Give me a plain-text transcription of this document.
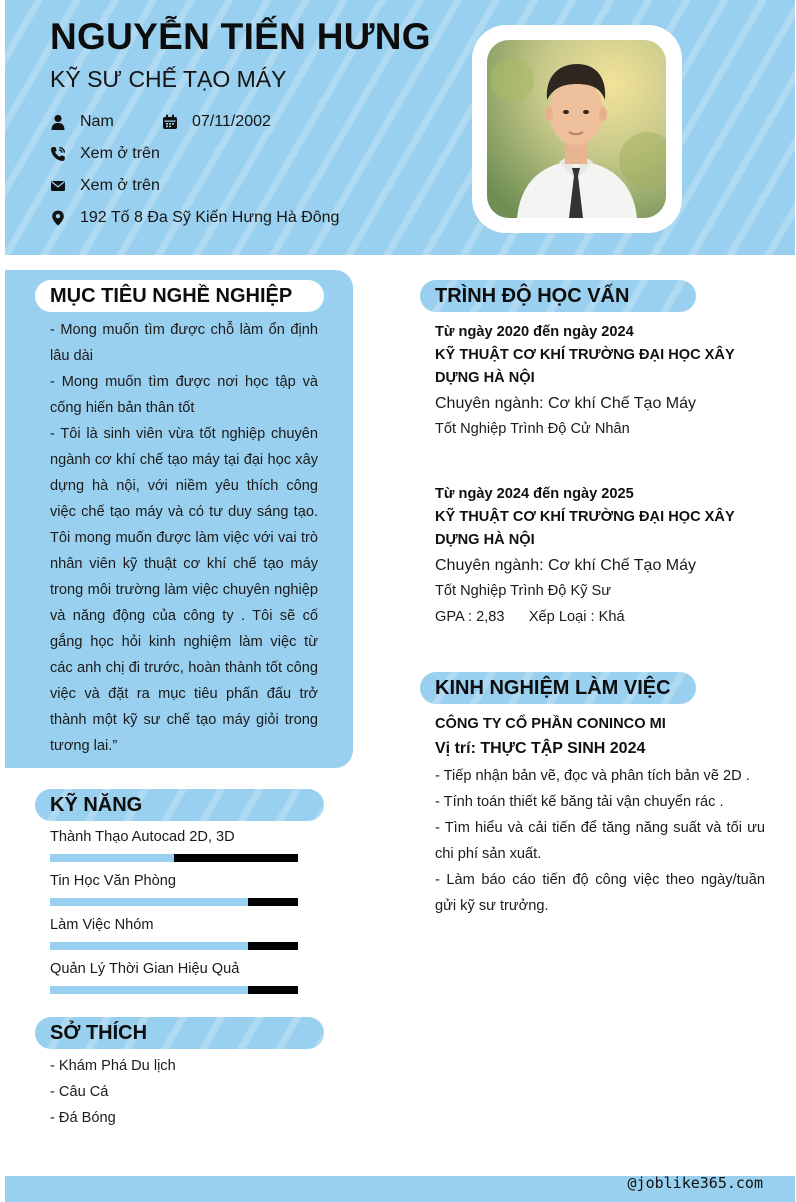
NGUYỄN TIẾN HƯNG
KỸ SƯ CHẾ TẠO MÁY
Nam	07/11/2002
Xem ở trên
Xem ở trên
192 Tố 8 Đa Sỹ Kiến Hưng Hà Đông
MỤC TIÊU NGHỀ NGHIỆP

- Mong muốn tìm được chỗ làm ổn định lâu dài

- Mong muốn tìm được nơi học tập và cống hiến bản thân tốt

- Tôi là sinh viên vừa tốt nghiệp chuyên ngành cơ khí chế tạo máy tại đại học xây dựng hà nội, với niềm yêu thích công việc chế tạo máy và có tư duy sáng tạo. Tôi mong muốn được làm việc với vai trò nhân viên kỹ thuật cơ khí chế tạo máy trong môi trường làm việc chuyên nghiệp và năng động của công ty . Tôi sẽ cố gắng học hỏi kinh nghiệm làm việc từ các anh chị đi trước, hoàn thành tốt công việc và đặt ra mục tiêu phấn đấu trở thành một kỹ sư chế tạo máy giỏi trong tương lai.”

KỸ NĂNG
Thành Thạo Autocad 2D, 3D
Tin Học Văn Phòng
Làm Việc Nhóm
Quản Lý Thời Gian Hiệu Quả
SỞ THÍCH
- Khám Phá Du lịch
- Câu Cá
- Đá Bóng
TRÌNH ĐỘ HỌC VẤN
Từ ngày 2020 đến ngày 2024
KỸ THUẬT CƠ KHÍ TRƯỜNG ĐẠI HỌC XÂY DỰNG HÀ NỘI
Chuyên ngành: Cơ khí Chế Tạo Máy
Tốt Nghiệp Trình Độ Cử Nhân
Từ ngày 2024 đến ngày 2025
KỸ THUẬT CƠ KHÍ TRƯỜNG ĐẠI HỌC XÂY DỰNG HÀ NỘI
Chuyên ngành: Cơ khí Chế Tạo Máy
Tốt Nghiệp Trình Độ Kỹ Sư
GPA : 2,83      Xếp Loại : Khá
KINH NGHIỆM LÀM VIỆC
CÔNG TY CỔ PHẦN CONINCO MI
Vị trí: THỰC TẬP SINH 2024

- Tiếp nhận bản vẽ, đọc và phân tích bản vẽ 2D .

- Tính toán thiết kế băng tải vận chuyển rác .

- Tìm hiểu và cải tiến để tăng năng suất và tối ưu chi phí sản xuất.

- Làm báo cáo tiến độ công việc theo ngày/tuần gửi kỹ sư trưởng.

@joblike365.com
